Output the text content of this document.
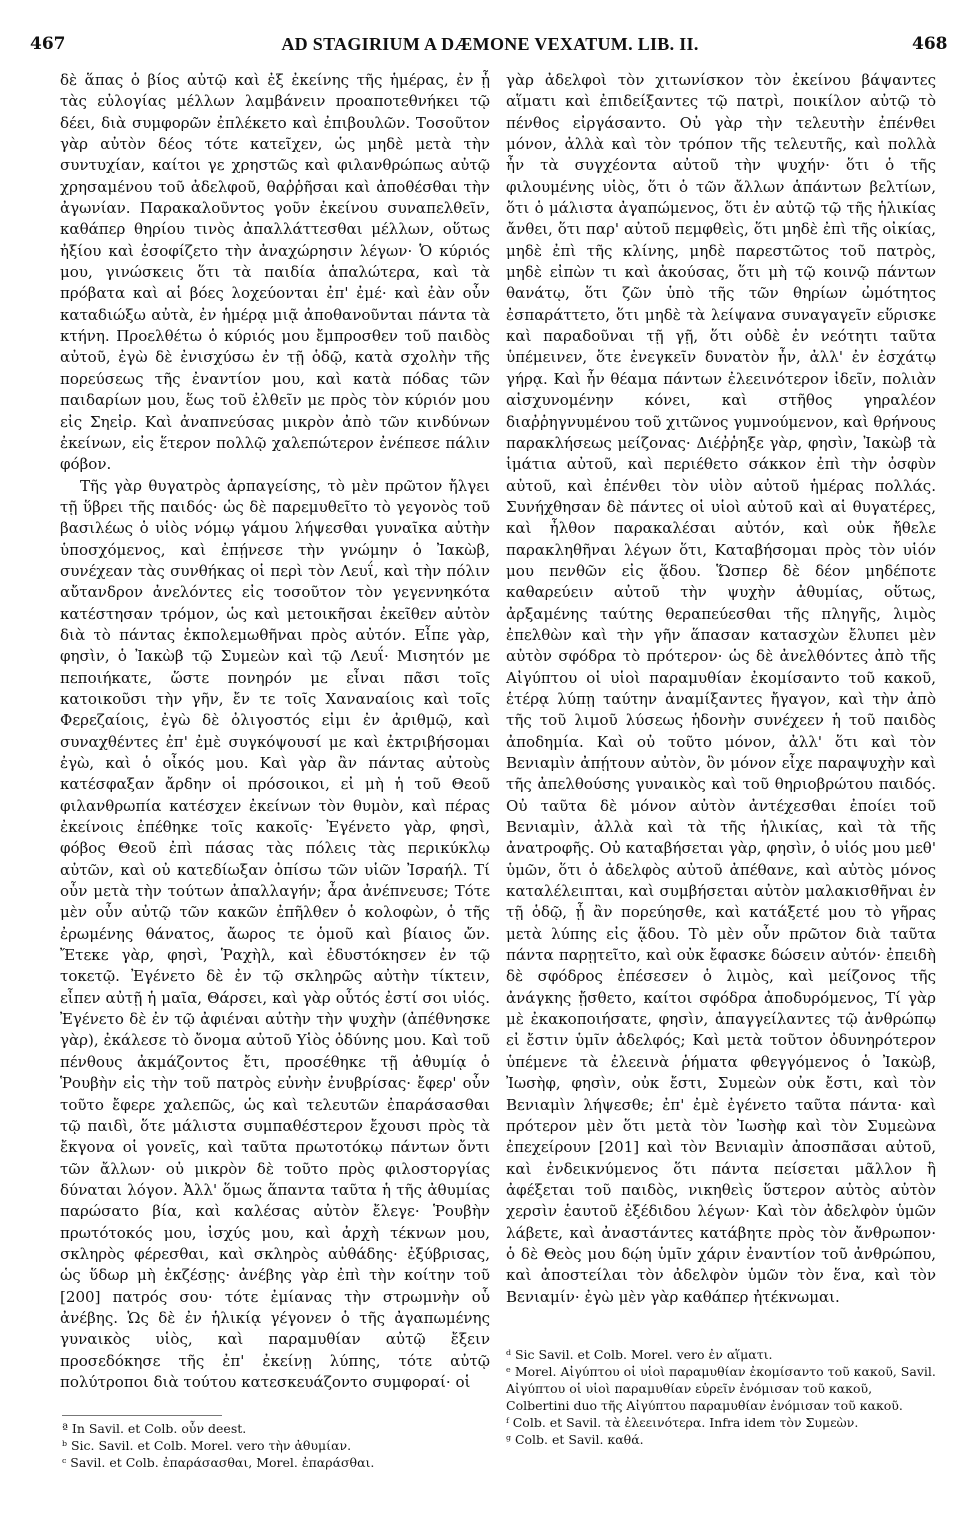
467	AD STAGIRIUM A DÆMONE VEXATUM. LIB. II.	468

δὲ ἅπας ὁ βίος αὐτῷ καὶ ἐξ ἐκείνης τῆς ἡμέρας, ἐν ᾗ τὰς εὐλογίας μέλλων λαμβάνειν προαποτεθνήκει τῷ δέει, διὰ συμφορῶν ἐπλέκετο καὶ ἐπιβουλῶν. Τοσοῦτον γὰρ αὐτὸν δέος τότε κατεῖχεν, ὡς μηδὲ μετὰ τὴν συντυχίαν, καίτοι γε χρηστῶς καὶ φιλανθρώπως αὐτῷ χρησαμένου τοῦ ἀδελφοῦ, θαῤῥῆσαι καὶ ἀποθέσθαι τὴν ἀγωνίαν. Παρακαλοῦντος γοῦν ἐκείνου συναπελθεῖν, καθάπερ θηρίου τινὸς ἀπαλλάττεσθαι μέλλων, οὕτως ἠξίου καὶ ἐσοφίζετο τὴν ἀναχώρησιν λέγων· Ὁ κύριός μου, γινώσκεις ὅτι τὰ παιδία ἁπαλώτερα, καὶ τὰ πρόβατα καὶ αἱ βόες λοχεύονται ἐπ' ἐμέ· καὶ ἐὰν οὖν καταδιώξω αὐτὰ, ἐν ἡμέρᾳ μιᾷ ἀποθανοῦνται πάντα τὰ κτήνη. Προελθέτω ὁ κύριός μου ἔμπροσθεν τοῦ παιδὸς αὐτοῦ, ἐγὼ δὲ ἐνισχύσω ἐν τῇ ὁδῷ, κατὰ σχολὴν τῆς πορεύσεως τῆς ἐναντίον μου, καὶ κατὰ πόδας τῶν παιδαρίων μου, ἕως τοῦ ἐλθεῖν με πρὸς τὸν κύριόν μου εἰς Σηεἰρ. Καὶ ἀναπνεύσας μικρὸν ἀπὸ τῶν κινδύνων ἐκείνων, εἰς ἕτερον πολλῷ χαλεπώτερον ἐνέπεσε πάλιν φόβον.

Τῆς γὰρ θυγατρὸς ἁρπαγείσης, τὸ μὲν πρῶτον ἤλγει τῇ ὕβρει τῆς παιδός· ὡς δὲ παρεμυθεῖτο τὸ γεγονὸς τοῦ βασιλέως ὁ υἱὸς νόμῳ γάμου λήψεσθαι γυναῖκα αὐτὴν ὑποσχόμενος, καὶ ἐπῄνεσε τὴν γνώμην ὁ Ἰακὼβ, συνέχεαν τὰς συνθήκας οἱ περὶ τὸν Λευΐ, καὶ τὴν πόλιν αὔτανδρον ἀνελόντες εἰς τοσοῦτον τὸν γεγεννηκότα κατέστησαν τρόμον, ὡς καὶ μετοικῆσαι ἐκεῖθεν αὐτὸν διὰ τὸ πάντας ἐκπολεμωθῆναι πρὸς αὐτόν. Εἶπε γὰρ, φησὶν, ὁ Ἰακὼβ τῷ Συμεὼν καὶ τῷ Λευΐ· Μισητόν με πεποιήκατε, ὥστε πονηρόν με εἶναι πᾶσι τοῖς κατοικοῦσι τὴν γῆν, ἔν τε τοῖς Χαναναίοις καὶ τοῖς Φερεζαίοις, ἐγὼ δὲ ὀλιγοστός εἰμι ἐν ἀριθμῷ, καὶ συναχθέντες ἐπ' ἐμὲ συγκόψουσί με καὶ ἐκτριβήσομαι ἐγὼ, καὶ ὁ οἶκός μου. Καὶ γὰρ ἂν πάντας αὐτοὺς κατέσφαξαν ἄρδην οἱ πρόσοικοι, εἰ μὴ ἡ τοῦ Θεοῦ φιλανθρωπία κατέσχεν ἐκείνων τὸν θυμὸν, καὶ πέρας ἐκείνοις ἐπέθηκε τοῖς κακοῖς· Ἐγένετο γὰρ, φησὶ, φόβος Θεοῦ ἐπὶ πάσας τὰς πόλεις τὰς περικύκλῳ αὐτῶν, καὶ οὐ κατεδίωξαν ὀπίσω τῶν υἱῶν Ἰσραήλ. Τί οὖν μετὰ τὴν τούτων ἀπαλλαγήν; ἆρα ἀνέπνευσε; Τότε μὲν οὖν αὐτῷ τῶν κακῶν ἐπῆλθεν ὁ κολοφὼν, ὁ τῆς ἐρωμένης θάνατος, ἄωρος τε ὁμοῦ καὶ βίαιος ὤν. Ἔτεκε γὰρ, φησὶ, Ῥαχὴλ, καὶ ἐδυστόκησεν ἐν τῷ τοκετῷ. Ἐγένετο δὲ ἐν τῷ σκληρῶς αὐτὴν τίκτειν, εἶπεν αὐτῇ ἡ μαῖα, Θάρσει, καὶ γὰρ οὗτός ἐστί σοι υἱός. Ἐγένετο δὲ ἐν τῷ ἀφιέναι αὐτὴν τὴν ψυχὴν (ἀπέθνησκε γὰρ), ἐκάλεσε τὸ ὄνομα αὐτοῦ Υἱὸς ὀδύνης μου. Καὶ τοῦ πένθους ἀκμάζοντος ἔτι, προσέθηκε τῇ ἀθυμίᾳ ὁ Ῥουβὴν εἰς τὴν τοῦ πατρὸς εὐνὴν ἐνυβρίσας· ἔφερ' οὖν τοῦτο ἔφερε χαλεπῶς, ὡς καὶ τελευτῶν ἐπαράσασθαι τῷ παιδὶ, ὅτε μάλιστα συμπαθέστερον ἔχουσι πρὸς τὰ ἔκγονα οἱ γονεῖς, καὶ ταῦτα πρωτοτόκῳ πάντων ὄντι τῶν ἄλλων· οὐ μικρὸν δὲ τοῦτο πρὸς φιλοστοργίας δύναται λόγον. Ἀλλ' ὅμως ἅπαντα ταῦτα ἡ τῆς ἀθυμίας παρώσατο βία, καὶ καλέσας αὐτὸν ἔλεγε· Ῥουβὴν πρωτότοκός μου, ἰσχύς μου, καὶ ἀρχὴ τέκνων μου, σκληρὸς φέρεσθαι, καὶ σκληρὸς αὐθάδης· ἐξύβρισας, ὡς ὕδωρ μὴ ἐκζέσῃς· ἀνέβης γὰρ ἐπὶ τὴν κοίτην τοῦ [200] πατρός σου· τότε ἐμίανας τὴν στρωμνὴν οὗ ἀνέβης. Ὡς δὲ ἐν ἡλικίᾳ γέγονεν ὁ τῆς ἀγαπωμένης γυναικὸς υἱὸς, καὶ παραμυθίαν αὐτῷ ἔξειν προσεδόκησε τῆς ἐπ' ἐκείνῃ λύπης, τότε αὐτῷ πολύτροποι διὰ τούτου κατεσκευάζοντο συμφοραί· οἱ

γὰρ ἀδελφοὶ τὸν χιτωνίσκον τὸν ἐκείνου βάψαντες αἵματι καὶ ἐπιδείξαντες τῷ πατρὶ, ποικίλον αὐτῷ τὸ πένθος εἰργάσαντο. Οὐ γὰρ τὴν τελευτὴν ἐπένθει μόνον, ἀλλὰ καὶ τὸν τρόπον τῆς τελευτῆς, καὶ πολλὰ ἦν τὰ συγχέοντα αὐτοῦ τὴν ψυχήν· ὅτι ὁ τῆς φιλουμένης υἱὸς, ὅτι ὁ τῶν ἄλλων ἁπάντων βελτίων, ὅτι ὁ μάλιστα ἀγαπώμενος, ὅτι ἐν αὐτῷ τῷ τῆς ἡλικίας ἄνθει, ὅτι παρ' αὐτοῦ πεμφθεὶς, ὅτι μηδὲ ἐπὶ τῆς οἰκίας, μηδὲ ἐπὶ τῆς κλίνης, μηδὲ παρεστῶτος τοῦ πατρὸς, μηδὲ εἰπὼν τι καὶ ἀκούσας, ὅτι μὴ τῷ κοινῷ πάντων θανάτῳ, ὅτι ζῶν ὑπὸ τῆς τῶν θηρίων ὠμότητος ἐσπαράττετο, ὅτι μηδὲ τὰ λείψανα συναγαγεῖν εὕρισκε καὶ παραδοῦναι τῇ γῇ, ὅτι οὐδὲ ἐν νεότητι ταῦτα ὑπέμεινεν, ὅτε ἐνεγκεῖν δυνατὸν ἦν, ἀλλ' ἐν ἐσχάτῳ γήρᾳ. Καὶ ἦν θέαμα πάντων ἐλεεινότερον ἰδεῖν, πολιὰν αἰσχυνομένην κόνει, καὶ στῆθος γηραλέον διαῤῥηγνυμένου τοῦ χιτῶνος γυμνούμενον, καὶ θρήνους παρακλήσεως μείζονας· Διέῤῥηξε γὰρ, φησὶν, Ἰακὼβ τὰ ἱμάτια αὐτοῦ, καὶ περιέθετο σάκκον ἐπὶ τὴν ὀσφὺν αὐτοῦ, καὶ ἐπένθει τὸν υἱὸν αὐτοῦ ἡμέρας πολλάς. Συνήχθησαν δὲ πάντες οἱ υἱοὶ αὐτοῦ καὶ αἱ θυγατέρες, καὶ ἦλθον παρακαλέσαι αὐτόν, καὶ οὐκ ἤθελε παρακληθῆναι λέγων ὅτι, Καταβήσομαι πρὸς τὸν υἱόν μου πενθῶν εἰς ᾅδου. Ὥσπερ δὲ δέον μηδέποτε καθαρεύειν αὐτοῦ τὴν ψυχὴν ἀθυμίας, οὕτως, ἀρξαμένης ταύτης θεραπεύεσθαι τῆς πληγῆς, λιμὸς ἐπελθὼν καὶ τὴν γῆν ἅπασαν κατασχὼν ἔλυπει μὲν αὐτὸν σφόδρα τὸ πρότερον· ὡς δὲ ἀνελθόντες ἀπὸ τῆς Αἰγύπτου οἱ υἱοὶ παραμυθίαν ἐκομίσαντο τοῦ κακοῦ, ἑτέρᾳ λύπῃ ταύτην ἀναμίξαντες ἤγαγον, καὶ τὴν ἀπὸ τῆς τοῦ λιμοῦ λύσεως ἡδονὴν συνέχεεν ἡ τοῦ παιδὸς ἀποδημία. Καὶ οὐ τοῦτο μόνον, ἀλλ' ὅτι καὶ τὸν Βενιαμὶν ἀπῄτουν αὐτὸν, ὃν μόνον εἶχε παραψυχὴν καὶ τῆς ἀπελθούσης γυναικὸς καὶ τοῦ θηριοβρώτου παιδός. Οὐ ταῦτα δὲ μόνον αὐτὸν ἀντέχεσθαι ἐποίει τοῦ Βενιαμὶν, ἀλλὰ καὶ τὰ τῆς ἡλικίας, καὶ τὰ τῆς ἀνατροφῆς. Οὐ καταβήσεται γὰρ, φησὶν, ὁ υἱός μου μεθ' ὑμῶν, ὅτι ὁ ἀδελφὸς αὐτοῦ ἀπέθανε, καὶ αὐτὸς μόνος καταλέλειπται, καὶ συμβήσεται αὐτὸν μαλακισθῆναι ἐν τῇ ὁδῷ, ᾗ ἂν πορεύησθε, καὶ κατάξετέ μου τὸ γῆρας μετὰ λύπης εἰς ᾅδου. Τὸ μὲν οὖν πρῶτον διὰ ταῦτα πάντα παρῃτεῖτο, καὶ οὐκ ἔφασκε δώσειν αὐτόν· ἐπειδὴ δὲ σφόδρος ἐπέσεσεν ὁ λιμὸς, καὶ μείζονος τῆς ἀνάγκης ᾔσθετο, καίτοι σφόδρα ἀποδυρόμενος, Τί γὰρ μὲ ἐκακοποιήσατε, φησὶν, ἀπαγγείλαντες τῷ ἀνθρώπῳ εἰ ἔστιν ὑμῖν ἀδελφός; Καὶ μετὰ τοῦτον ὀδυνηρότερον ὑπέμενε τὰ ἐλεεινὰ ῥήματα φθεγγόμενος ὁ Ἰακὼβ, Ἰωσὴφ, φησὶν, οὐκ ἔστι, Συμεὼν οὐκ ἔστι, καὶ τὸν Βενιαμὶν λήψεσθε; ἐπ' ἐμὲ ἐγένετο ταῦτα πάντα· καὶ πρότερον μὲν ὅτι μετὰ τὸν Ἰωσὴφ καὶ τὸν Συμεὼνα ἐπεχείρουν [201] καὶ τὸν Βενιαμὶν ἀποσπᾶσαι αὐτοῦ, καὶ ἐνδεικνύμενος ὅτι πάντα πείσεται μᾶλλον ἢ ἀφέξεται τοῦ παιδὸς, νικηθεὶς ὕστερον αὐτὸς αὐτὸν χερσὶν ἑαυτοῦ ἐξέδιδου λέγων· Καὶ τὸν ἀδελφὸν ὑμῶν λάβετε, καὶ ἀναστάντες κατάβητε πρὸς τὸν ἄνθρωπον· ὁ δὲ Θεὸς μου δῴη ὑμῖν χάριν ἐναντίον τοῦ ἀνθρώπου, καὶ ἀποστείλαι τὸν ἀδελφὸν ὑμῶν τὸν ἕνα, καὶ τὸν Βενιαμίν· ἐγὼ μὲν γὰρ καθάπερ ἠτέκνωμαι.

ª In Savil. et Colb. οὖν deest.

ᵇ Sic. Savil. et Colb. Morel. vero τὴν ἀθυμίαν.

ᶜ Savil. et Colb. ἐπαράσασθαι, Morel. ἐπαράσθαι.

ᵈ Sic Savil. et Colb. Morel. vero ἐν αἵματι.

ᵉ Morel. Αἰγύπτου οἱ υἱοὶ παραμυθίαν ἐκομίσαντο τοῦ κακοῦ, Savil. Αἰγύπτου οἱ υἱοὶ παραμυθίαν εὑρεῖν ἐνόμισαν τοῦ κακοῦ, Colbertini duo τῆς Αἰγύπτου παραμυθίαν ἐνόμισαν τοῦ κακοῦ.

ᶠ Colb. et Savil. τὰ ἐλεεινότερα. Infra idem τὸν Συμεὼν.

ᵍ Colb. et Savil. καθά.
